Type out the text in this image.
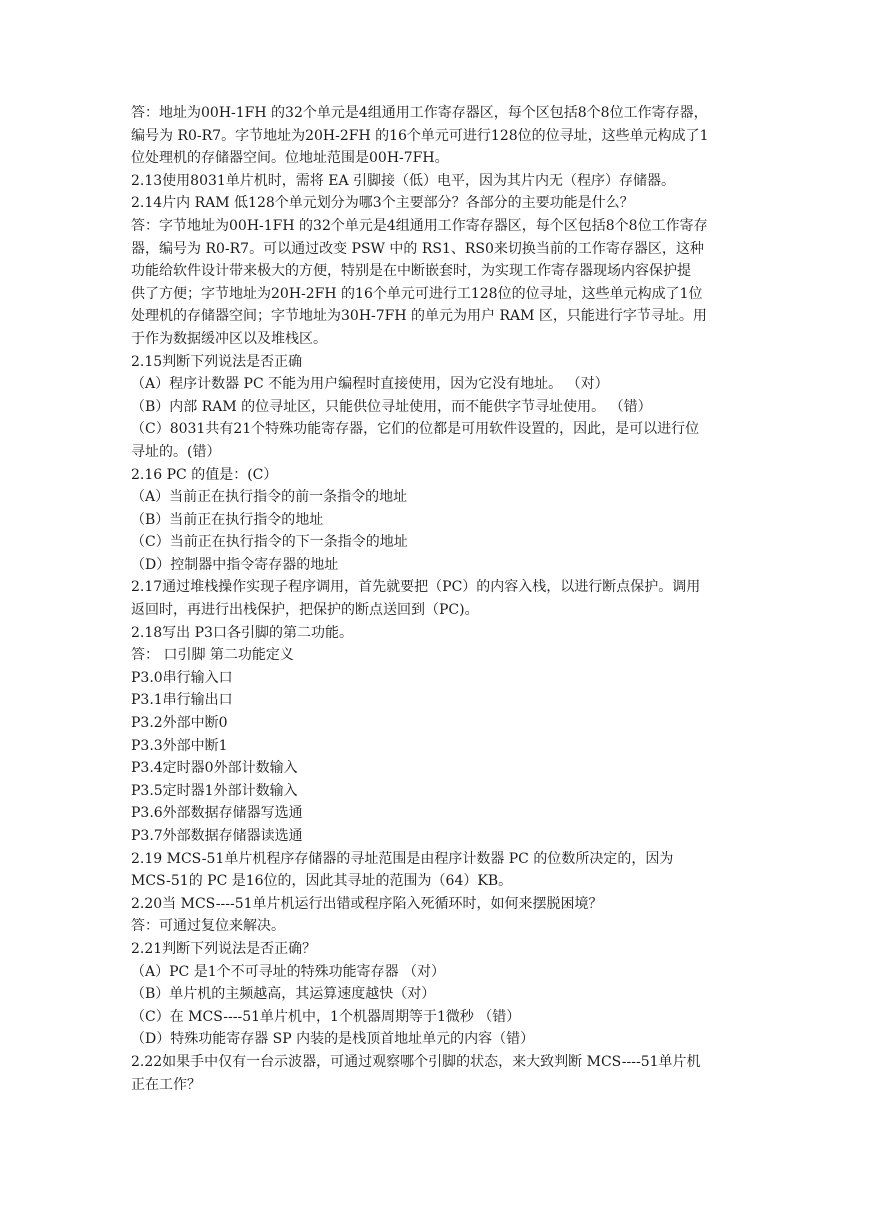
答：地址为00H-1FH 的32个单元是4组通用工作寄存器区，每个区包括8个8位工作寄存器，
编号为 R0-R7。字节地址为20H-2FH 的16个单元可进行128位的位寻址，这些单元构成了1
位处理机的存储器空间。位地址范围是00H-7FH。
2.13使用8031单片机时，需将 EA 引脚接（低）电平，因为其片内无（程序）存储器。
2.14片内 RAM 低128个单元划分为哪3个主要部分？各部分的主要功能是什么？
答：字节地址为00H-1FH 的32个单元是4组通用工作寄存器区，每个区包括8个8位工作寄存
器，编号为 R0-R7。可以通过改变 PSW 中的 RS1、RS0来切换当前的工作寄存器区，这种
功能给软件设计带来极大的方便，特别是在中断嵌套时，为实现工作寄存器现场内容保护提
供了方便；字节地址为20H-2FH 的16个单元可进行工128位的位寻址，这些单元构成了1位
处理机的存储器空间；字节地址为30H-7FH 的单元为用户 RAM 区，只能进行字节寻址。用
于作为数据缓冲区以及堆栈区。
2.15判断下列说法是否正确
（A）程序计数器 PC 不能为用户编程时直接使用，因为它没有地址。 （对）
（B）内部 RAM 的位寻址区，只能供位寻址使用，而不能供字节寻址使用。 （错）
（C）8031共有21个特殊功能寄存器，它们的位都是可用软件设置的，因此，是可以进行位
寻址的。(错）
2.16 PC 的值是：(C）
（A）当前正在执行指令的前一条指令的地址
（B）当前正在执行指令的地址
（C）当前正在执行指令的下一条指令的地址
（D）控制器中指令寄存器的地址
2.17通过堆栈操作实现子程序调用，首先就要把（PC）的内容入栈，以进行断点保护。调用
返回时，再进行出栈保护，把保护的断点送回到（PC)。
2.18写出 P3口各引脚的第二功能。
答： 口引脚 第二功能定义
P3.0串行输入口
P3.1串行输出口
P3.2外部中断0
P3.3外部中断1
P3.4定时器0外部计数输入
P3.5定时器1外部计数输入
P3.6外部数据存储器写选通
P3.7外部数据存储器读选通
2.19 MCS-51单片机程序存储器的寻址范围是由程序计数器 PC 的位数所决定的，因为
MCS-51的 PC 是16位的，因此其寻址的范围为（64）KB。
2.20当 MCS----51单片机运行出错或程序陷入死循环时，如何来摆脱困境？
答：可通过复位来解决。
2.21判断下列说法是否正确？
（A）PC 是1个不可寻址的特殊功能寄存器 （对）
（B）单片机的主频越高，其运算速度越快（对）
（C）在 MCS----51单片机中，1个机器周期等于1微秒 （错）
（D）特殊功能寄存器 SP 内装的是栈顶首地址单元的内容（错）
2.22如果手中仅有一台示波器，可通过观察哪个引脚的状态，来大致判断 MCS----51单片机
正在工作？
